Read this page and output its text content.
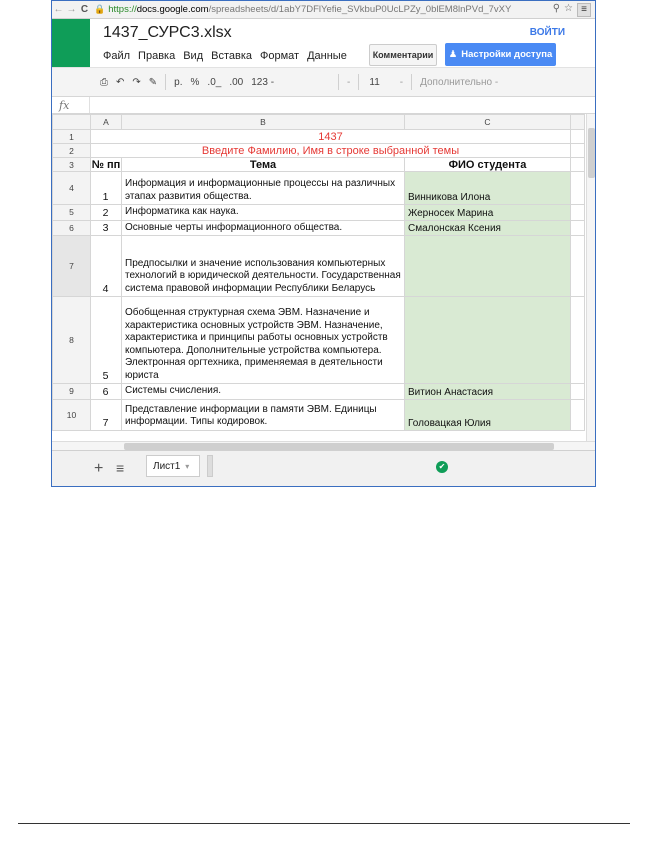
← → C 🔒 https:// docs.google.com /spreadsheets/d/1abY7DFlYefie_SVkbuP0UcLPZy_0blEM8lnPVd_7vXY	⚲ ☆ ≡
1437_СУРС3.xlsx	ВОЙТИ
Файл Правка Вид Вставка Формат Данные	Комментарии	♟ Настройки доступа
⎙ ↶ ↷ ✎ р. % .0_ .00 123 -	- 11 - Дополнительно -
fx
	A	B	C	
1	1437			
2	Введите Фамилию, Имя в строке выбранной темы			
3	№ пп	Тема	ФИО студента	
4	1	Информация и информационные процессы на различных этапах развития общества.	Винникова Илона	
5	2	Информатика как наука.	Жерносек Марина	
6	3	Основные черты информационного общества.	Смалонская Ксения	
7	4	Предпосылки и значение использования компьютерных технологий в юридической деятельности. Государственная система правовой информации Республики Беларусь		
8	5	Обобщенная структурная схема ЭВМ. Назначение и характеристика основных устройств ЭВМ. Назначение, характеристика и принципы работы основных устройств компьютера. Дополнительные устройства компьютера. Электронная оргтехника, применяемая в деятельности юриста		
9	6	Системы счисления.	Витион Анастасия	
10	7	Представление информации в памяти ЭВМ. Единицы информации. Типы кодировок.	Головацкая Юлия	
+ ≡	Лист1 ▾	✔
